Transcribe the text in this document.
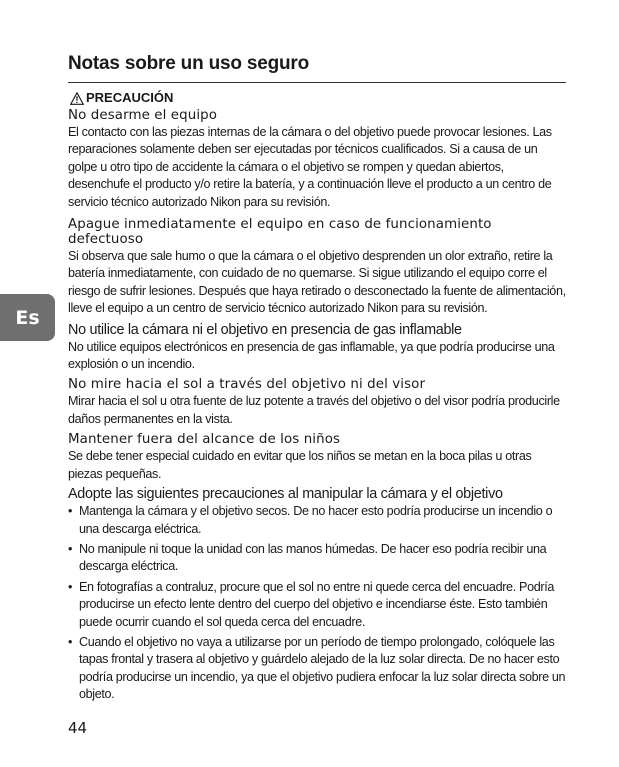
Es
Notas sobre un uso seguro
PRECAUCIÓN
No desarme el equipo

El contacto con las piezas internas de la cámara o del objetivo puede provocar lesiones. Las reparaciones solamente deben ser ejecutadas por técnicos cualificados. Si a causa de un golpe u otro tipo de accidente la cámara o el objetivo se rompen y quedan abiertos, desenchufe el producto y/o retire la batería, y a continuación lleve el producto a un centro de servicio técnico autorizado Nikon para su revisión.

Apague inmediatamente el equipo en caso de funcionamiento defectuoso

Si observa que sale humo o que la cámara o el objetivo desprenden un olor extraño, retire la batería inmediatamente, con cuidado de no quemarse. Si sigue utilizando el equipo corre el riesgo de sufrir lesiones. Después que haya retirado o desconectado la fuente de alimentación, lleve el equipo a un centro de servicio técnico autorizado Nikon para su revisión.

No utilice la cámara ni el objetivo en presencia de gas inflamable

No utilice equipos electrónicos en presencia de gas inflamable, ya que podría producirse una explosión o un incendio.

No mire hacia el sol a través del objetivo ni del visor

Mirar hacia el sol u otra fuente de luz potente a través del objetivo o del visor podría producirle daños permanentes en la vista.

Mantener fuera del alcance de los niños

Se debe tener especial cuidado en evitar que los niños se metan en la boca pilas u otras piezas pequeñas.

Adopte las siguientes precauciones al manipular la cámara y el objetivo
• Mantenga la cámara y el objetivo secos. De no hacer esto podría producirse un incendio o una descarga eléctrica.
• No manipule ni toque la unidad con las manos húmedas. De hacer eso podría recibir una descarga eléctrica.
• En fotografías a contraluz, procure que el sol no entre ni quede cerca del encuadre. Podría producirse un efecto lente dentro del cuerpo del objetivo e incendiarse éste. Esto también puede ocurrir cuando el sol queda cerca del encuadre.
• Cuando el objetivo no vaya a utilizarse por un período de tiempo prolongado, colóquele las tapas frontal y trasera al objetivo y guárdelo alejado de la luz solar directa. De no hacer esto podría producirse un incendio, ya que el objetivo pudiera enfocar la luz solar directa sobre un objeto.
44
